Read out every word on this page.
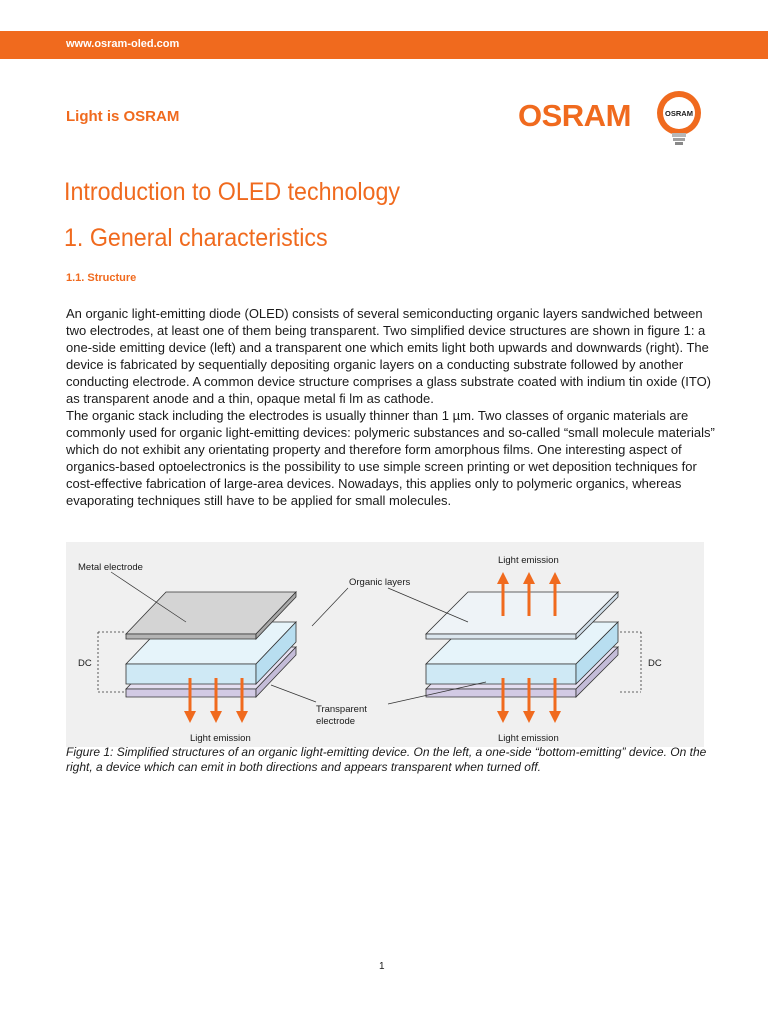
www.osram-oled.com
Light is OSRAM	OSRAM	OSRAM
Introduction to OLED technology
1. General characteristics
1.1. Structure

An organic light-emitting diode (OLED) consists of several semiconducting organic layers sandwiched between two electrodes, at least one of them being transparent. Two simplified device structures are shown in figure 1: a one-side emitting device (left) and a transparent one which emits light both upwards and downwards (right). The device is fabricated by sequentially depositing organic layers on a conducting substrate followed by another conducting electrode. A common device structure comprises a glass substrate coated with indium tin oxide (ITO) as transparent anode and a thin, opaque metal fi lm as cathode.

The organic stack including the electrodes is usually thinner than 1 µm. Two classes of organic materials are commonly used for organic light-emitting devices: polymeric substances and so-called “small molecule materials” which do not exhibit any orientating property and therefore form amorphous films. One interesting aspect of organics-based optoelectronics is the possibility to use simple screen printing or wet deposition techniques for cost-effective fabrication of large-area devices. Nowadays, this applies only to polymeric organics, whereas evaporating techniques still have to be applied for small molecules.

DC
Metal electrode
Organic layers
Transparent
electrode
Light emission
DC
Light emission
Light emission
Figure 1: Simplified structures of an organic light-emitting device. On the left, a one-side “bottom-emitting” device. On the right, a device which can emit in both directions and appears transparent when turned off.
1
